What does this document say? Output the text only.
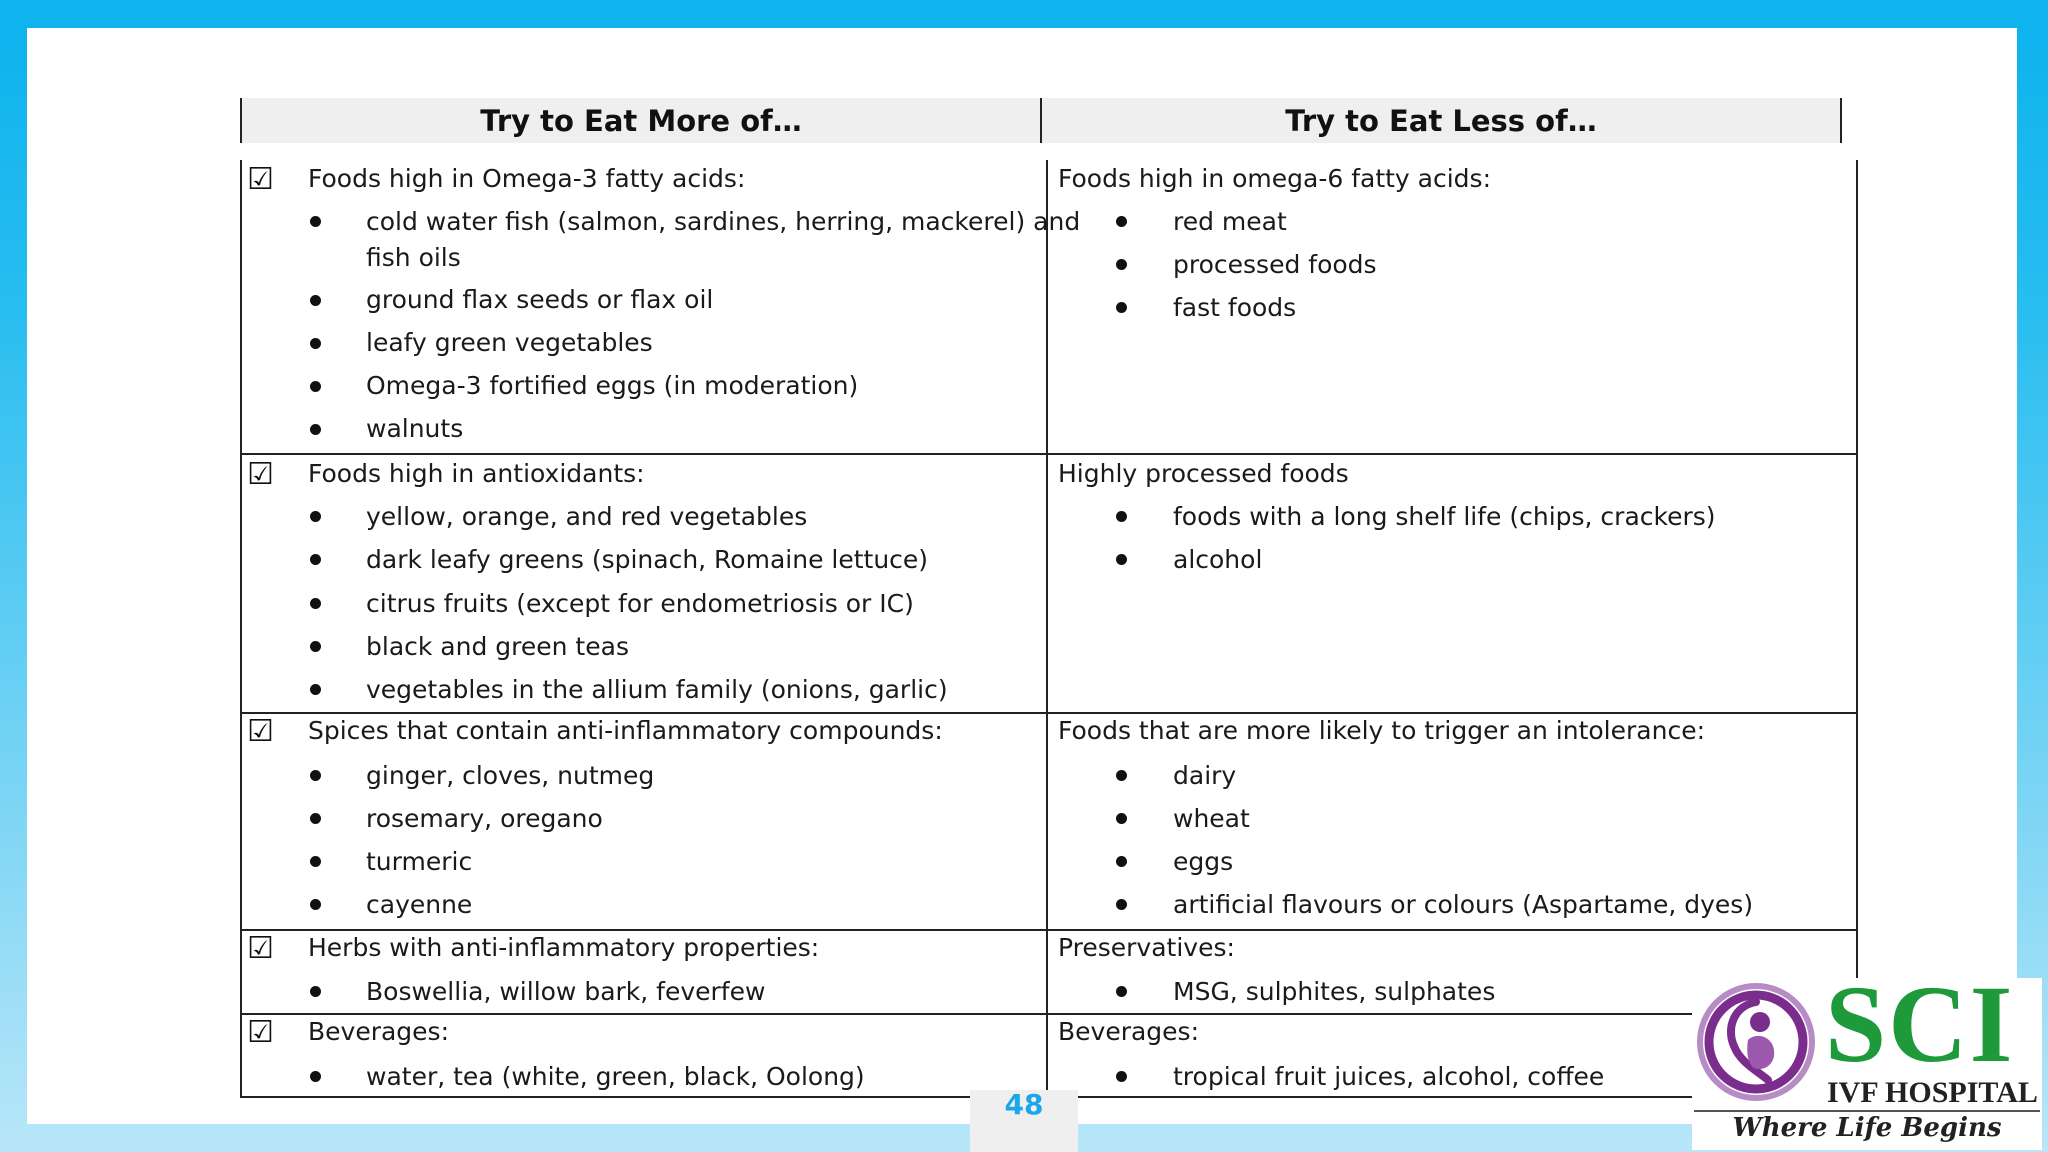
Try to Eat More of…	Try to Eat Less of…
☑ Foods high in Omega-3 fatty acids:
cold water fish (salmon, sardines, herring, mackerel) and
fish oils
ground flax seeds or flax oil
leafy green vegetables
Omega-3 fortified eggs (in moderation)
walnuts
Foods high in omega-6 fatty acids:
red meat
processed foods
fast foods
☑ Foods high in antioxidants:
yellow, orange, and red vegetables
dark leafy greens (spinach, Romaine lettuce)
citrus fruits (except for endometriosis or IC)
black and green teas
vegetables in the allium family (onions, garlic)
Highly processed foods
foods with a long shelf life (chips, crackers)
alcohol
☑ Spices that contain anti-inflammatory compounds:
ginger, cloves, nutmeg
rosemary, oregano
turmeric
cayenne
Foods that are more likely to trigger an intolerance:
dairy
wheat
eggs
artificial flavours or colours (Aspartame, dyes)
☑ Herbs with anti-inflammatory properties:
Boswellia, willow bark, feverfew
Preservatives:
MSG, sulphites, sulphates
☑ Beverages:
water, tea (white, green, black, Oolong)
Beverages:
tropical fruit juices, alcohol, coffee
48
SCI
IVF HOSPITAL
Where Life Begins
